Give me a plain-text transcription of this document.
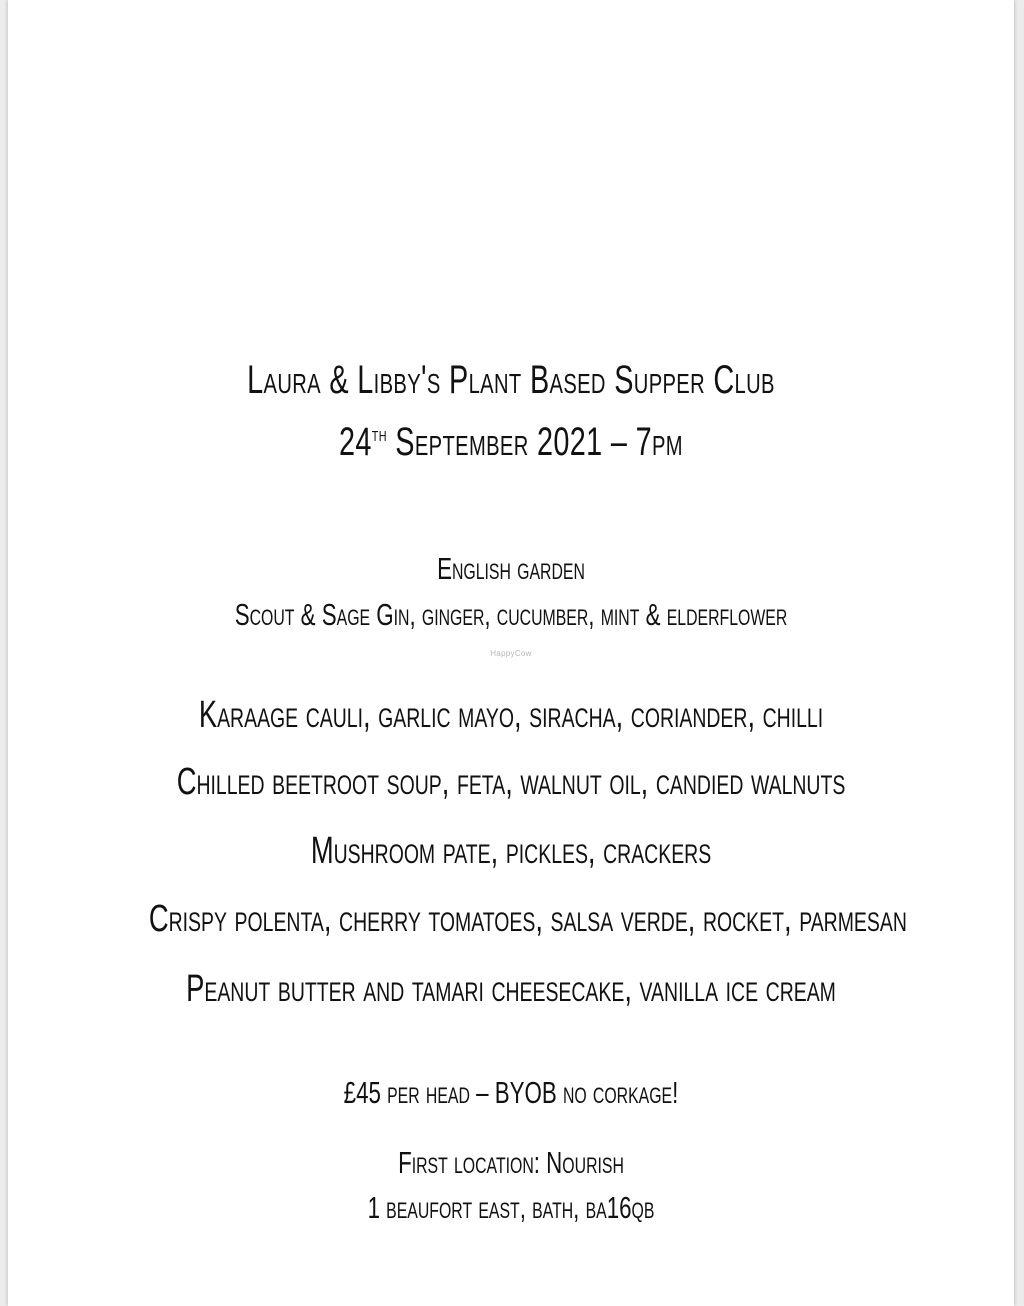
Laura & Libby's Plant Based Supper Club
24th September 2021 – 7pm
English garden
Scout & Sage Gin, ginger, cucumber, mint & elderflower
HappyCow
Karaage cauli, garlic mayo, siracha, coriander, chilli
Chilled beetroot soup, feta, walnut oil, candied walnuts
Mushroom pate, pickles, crackers
Crispy polenta, cherry tomatoes, salsa verde, rocket, parmesan
Peanut butter and tamari cheesecake, vanilla ice cream
£45 per head – BYOB no corkage!
First location: Nourish
1 beaufort east, bath, ba16qb
